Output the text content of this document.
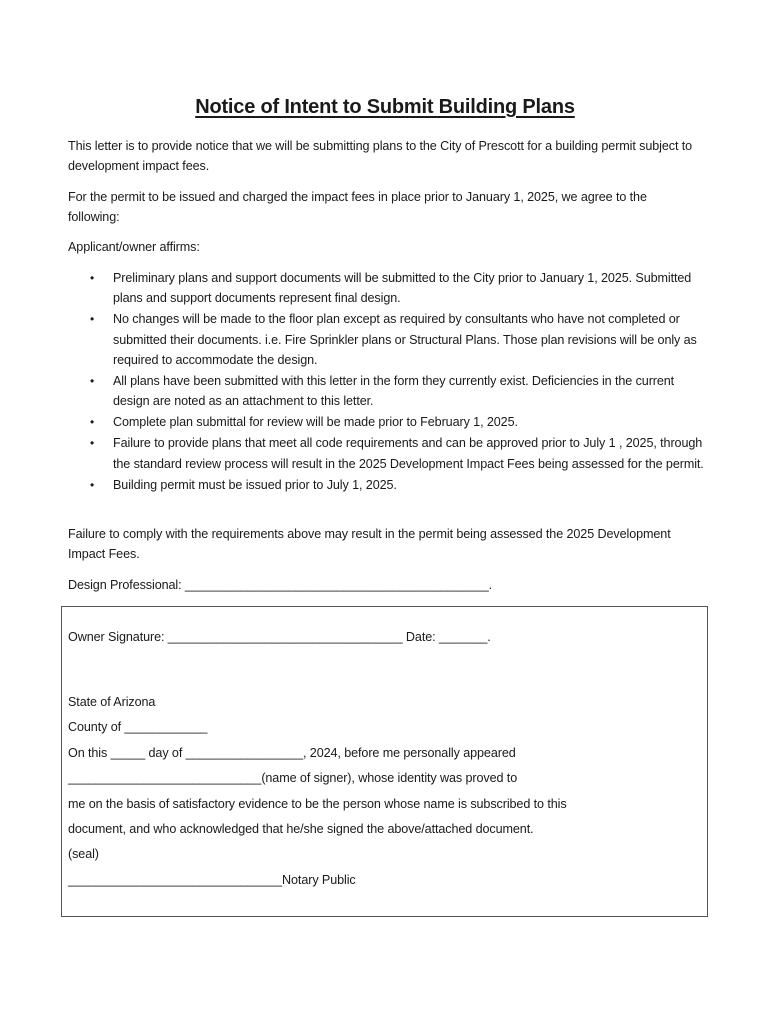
Notice of Intent to Submit Building Plans
This letter is to provide notice that we will be submitting plans to the City of Prescott for a building permit subject to development impact fees.
For the permit to be issued and charged the impact fees in place prior to January 1, 2025, we agree to the following:
Applicant/owner affirms:
• Preliminary plans and support documents will be submitted to the City prior to January 1, 2025. Submitted plans and support documents represent final design.
• No changes will be made to the floor plan except as required by consultants who have not completed or submitted their documents. i.e. Fire Sprinkler plans or Structural Plans. Those plan revisions will be only as required to accommodate the design.
• All plans have been submitted with this letter in the form they currently exist. Deficiencies in the current design are noted as an attachment to this letter.
• Complete plan submittal for review will be made prior to February 1, 2025.
• Failure to provide plans that meet all code requirements and can be approved prior to July 1 , 2025, through the standard review process will result in the 2025 Development Impact Fees being assessed for the permit.
• Building permit must be issued prior to July 1, 2025.
Failure to comply with the requirements above may result in the permit being assessed the 2025 Development Impact Fees.
Design Professional: ____________________________________________.
Owner Signature: __________________________________ Date: _______.
State of Arizona
County of ____________
On this _____ day of _________________, 2024, before me personally appeared
____________________________(name of signer), whose identity was proved to
me on the basis of satisfactory evidence to be the person whose name is subscribed to this
document, and who acknowledged that he/she signed the above/attached document.
(seal)
_______________________________Notary Public
